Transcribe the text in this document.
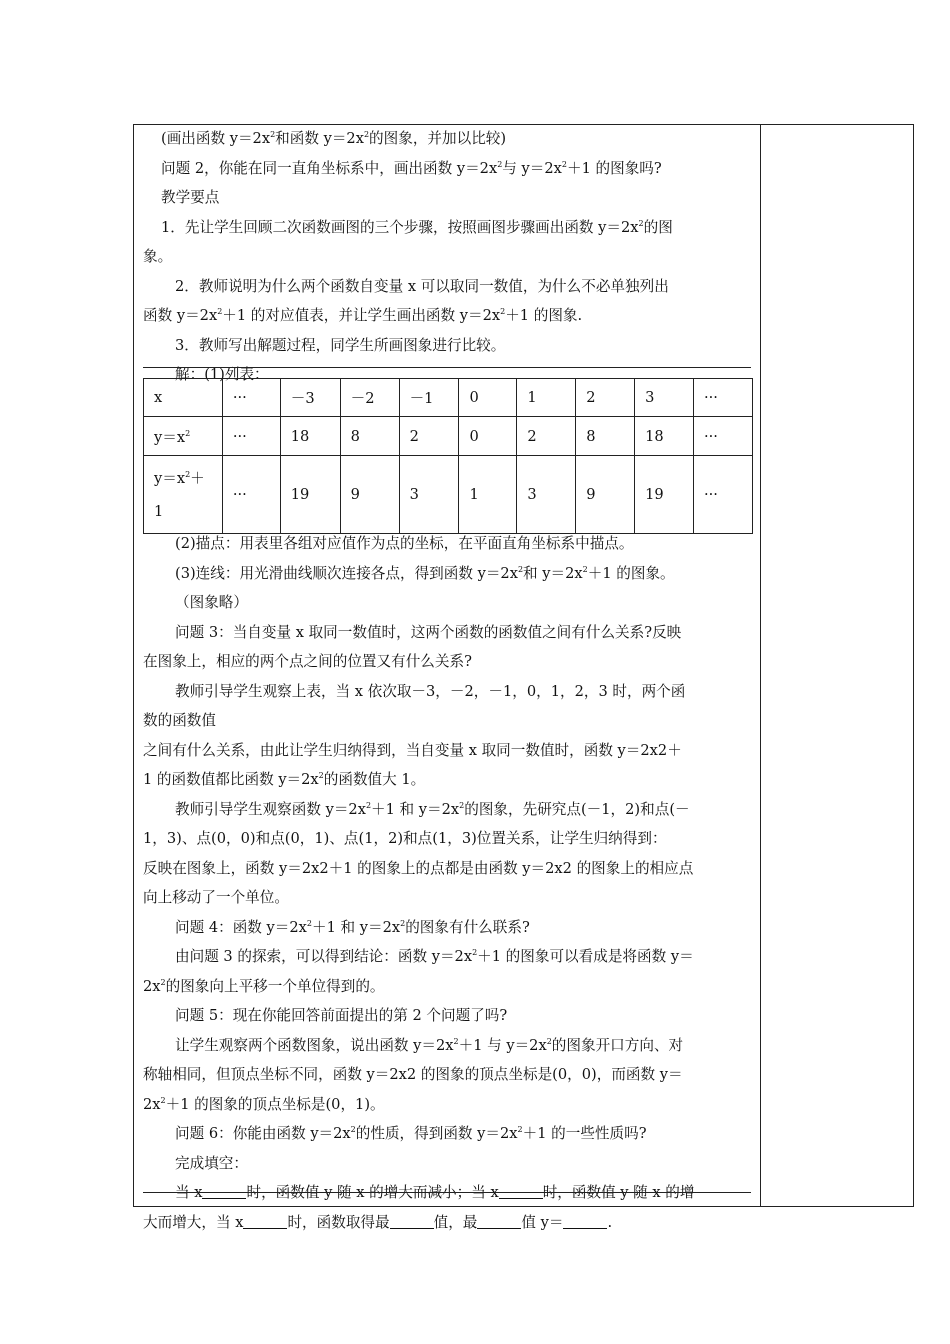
(画出函数 $y=2x^2$和函数 $y=2x^2$的图象，并加以比较)

问题 2，你能在同一直角坐标系中，画出函数 $y=2x^2$与 $y=2x^2+1$ 的图象吗?

教学要点

1．先让学生回顾二次函数画图的三个步骤，按照画图步骤画出函数 $y=2x^2$的图

象。

2．教师说明为什么两个函数自变量 x 可以取同一数值，为什么不必单独列出

函数 $y=2x^2+1$ 的对应值表，并让学生画出函数 $y=2x^2+1$ 的图象.

3．教师写出解题过程，同学生所画图象进行比较。

解：(1)列表：

x	···	－3	－2	－1	0	1	2	3	···
$y=x^2$	···	18	8	2	0	2	8	18	···
$y=x^2+$
1	···	19	9	3	1	3	9	19	···

(2)描点：用表里各组对应值作为点的坐标，在平面直角坐标系中描点。

(3)连线：用光滑曲线顺次连接各点，得到函数 $y=2x^2$和 $y=2x^2+1$ 的图象。

（图象略）

问题 3：当自变量 x 取同一数值时，这两个函数的函数值之间有什么关系?反映

在图象上，相应的两个点之间的位置又有什么关系?

教师引导学生观察上表，当 x 依次取－3，－2，－1，0，1，2，3 时，两个函

数的函数值

之间有什么关系，由此让学生归纳得到，当自变量 x 取同一数值时，函数 y＝2x2＋

1 的函数值都比函数 $y=2x^2$的函数值大 1。

教师引导学生观察函数 $y=2x^2+1$ 和 $y=2x^2$的图象，先研究点(－1，2)和点(－

1，3)、点(0，0)和点(0，1)、点(1，2)和点(1，3)位置关系，让学生归纳得到：

反映在图象上，函数 y＝2x2＋1 的图象上的点都是由函数 y＝2x2 的图象上的相应点

向上移动了一个单位。

问题 4：函数 $y=2x^2+1$ 和 $y=2x^2$的图象有什么联系?

由问题 3 的探索，可以得到结论：函数 $y=2x^2+1$ 的图象可以看成是将函数 y＝

$2x^2$的图象向上平移一个单位得到的。

问题 5：现在你能回答前面提出的第 2 个问题了吗?

让学生观察两个函数图象，说出函数 $y=2x^2+1$ 与 $y=2x^2$的图象开口方向、对

称轴相同，但顶点坐标不同，函数 y＝2x2 的图象的顶点坐标是(0，0)，而函数 y＝

$2x^2+1$ 的图象的顶点坐标是(0，1)。

问题 6：你能由函数 $y=2x^2$的性质，得到函数 $y=2x^2+1$ 的一些性质吗?

完成填空：

当 x	时，函数值 y 随 x 的增大而减小；当 x	时，函数值 y 随 x 的增

大而增大，当 x	时，函数取得最	值，最	值 y＝	.
